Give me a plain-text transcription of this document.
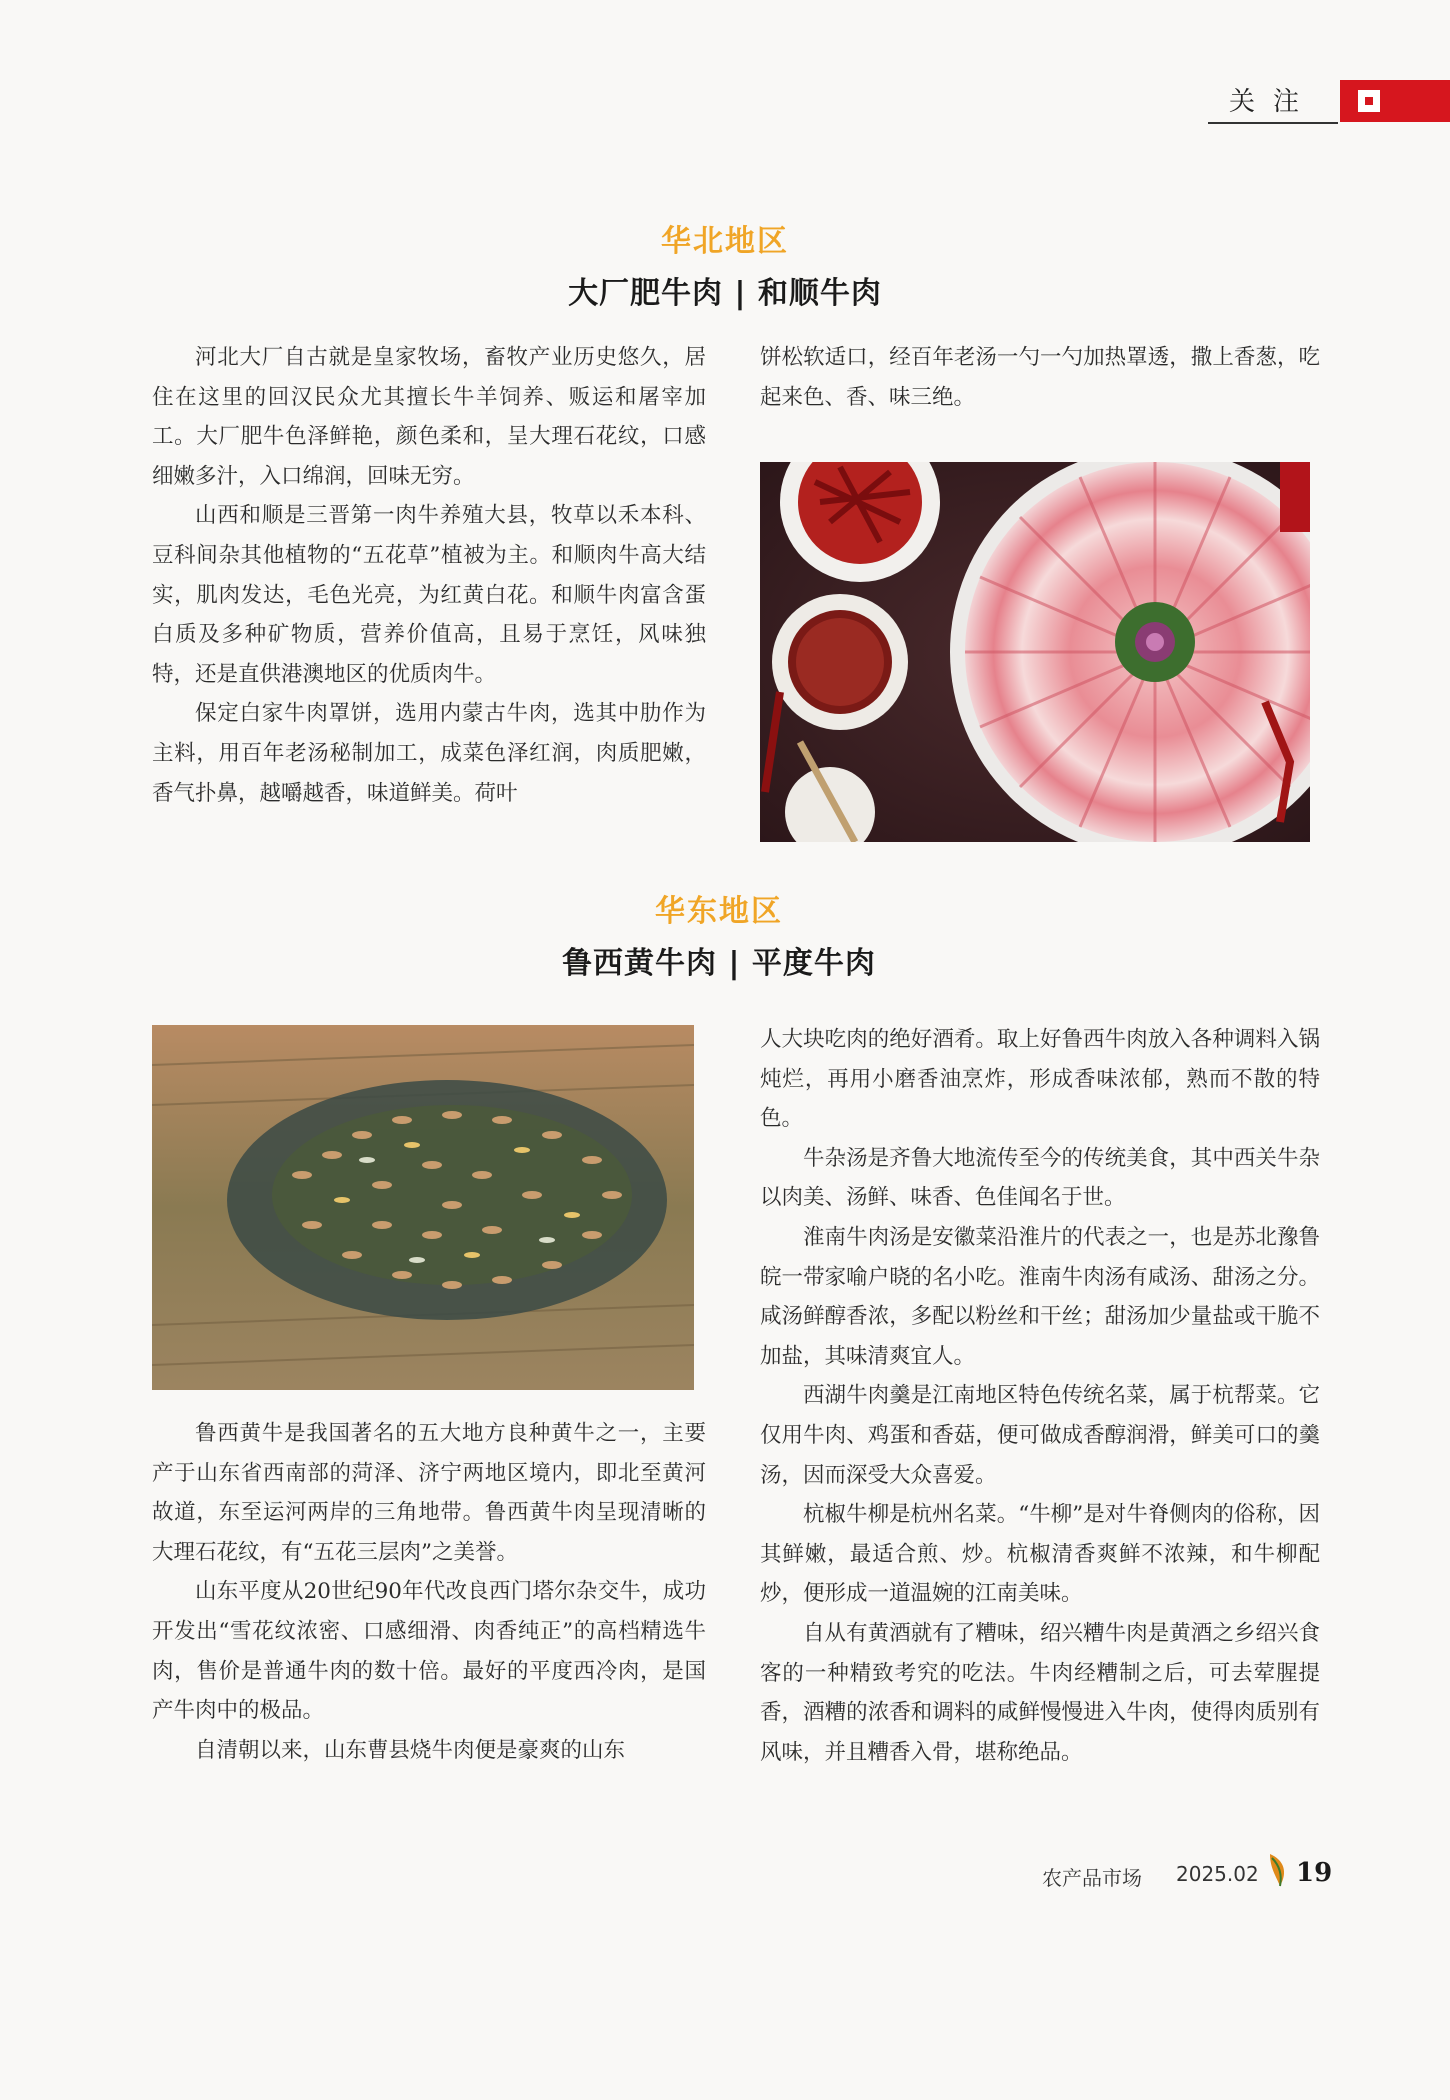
关注
华北地区
大厂肥牛肉 | 和顺牛肉

河北大厂自古就是皇家牧场，畜牧产业历史悠久，居住在这里的回汉民众尤其擅长牛羊饲养、贩运和屠宰加工。大厂肥牛色泽鲜艳，颜色柔和，呈大理石花纹，口感细嫩多汁，入口绵润，回味无穷。

山西和顺是三晋第一肉牛养殖大县，牧草以禾本科、豆科间杂其他植物的“五花草”植被为主。和顺肉牛高大结实，肌肉发达，毛色光亮，为红黄白花。和顺牛肉富含蛋白质及多种矿物质，营养价值高，且易于烹饪，风味独特，还是直供港澳地区的优质肉牛。

保定白家牛肉罩饼，选用内蒙古牛肉，选其中肋作为主料，用百年老汤秘制加工，成菜色泽红润，肉质肥嫩，香气扑鼻，越嚼越香，味道鲜美。荷叶

饼松软适口，经百年老汤一勺一勺加热罩透，撒上香葱，吃起来色、香、味三绝。

华东地区
鲁西黄牛肉 | 平度牛肉

鲁西黄牛是我国著名的五大地方良种黄牛之一，主要产于山东省西南部的菏泽、济宁两地区境内，即北至黄河故道，东至运河两岸的三角地带。鲁西黄牛肉呈现清晰的大理石花纹，有“五花三层肉”之美誉。

山东平度从20世纪90年代改良西门塔尔杂交牛，成功开发出“雪花纹浓密、口感细滑、肉香纯正”的高档精选牛肉，售价是普通牛肉的数十倍。最好的平度西冷肉，是国产牛肉中的极品。

自清朝以来，山东曹县烧牛肉便是豪爽的山东

人大块吃肉的绝好酒肴。取上好鲁西牛肉放入各种调料入锅炖烂，再用小磨香油烹炸，形成香味浓郁，熟而不散的特色。

牛杂汤是齐鲁大地流传至今的传统美食，其中西关牛杂以肉美、汤鲜、味香、色佳闻名于世。

淮南牛肉汤是安徽菜沿淮片的代表之一，也是苏北豫鲁皖一带家喻户晓的名小吃。淮南牛肉汤有咸汤、甜汤之分。咸汤鲜醇香浓，多配以粉丝和干丝；甜汤加少量盐或干脆不加盐，其味清爽宜人。

西湖牛肉羹是江南地区特色传统名菜，属于杭帮菜。它仅用牛肉、鸡蛋和香菇，便可做成香醇润滑，鲜美可口的羹汤，因而深受大众喜爱。

杭椒牛柳是杭州名菜。“牛柳”是对牛脊侧肉的俗称，因其鲜嫩，最适合煎、炒。杭椒清香爽鲜不浓辣，和牛柳配炒，便形成一道温婉的江南美味。

自从有黄酒就有了糟味，绍兴糟牛肉是黄酒之乡绍兴食客的一种精致考究的吃法。牛肉经糟制之后，可去荤腥提香，酒糟的浓香和调料的咸鲜慢慢进入牛肉，使得肉质别有风味，并且糟香入骨，堪称绝品。

农产品市场 2025.02 19
